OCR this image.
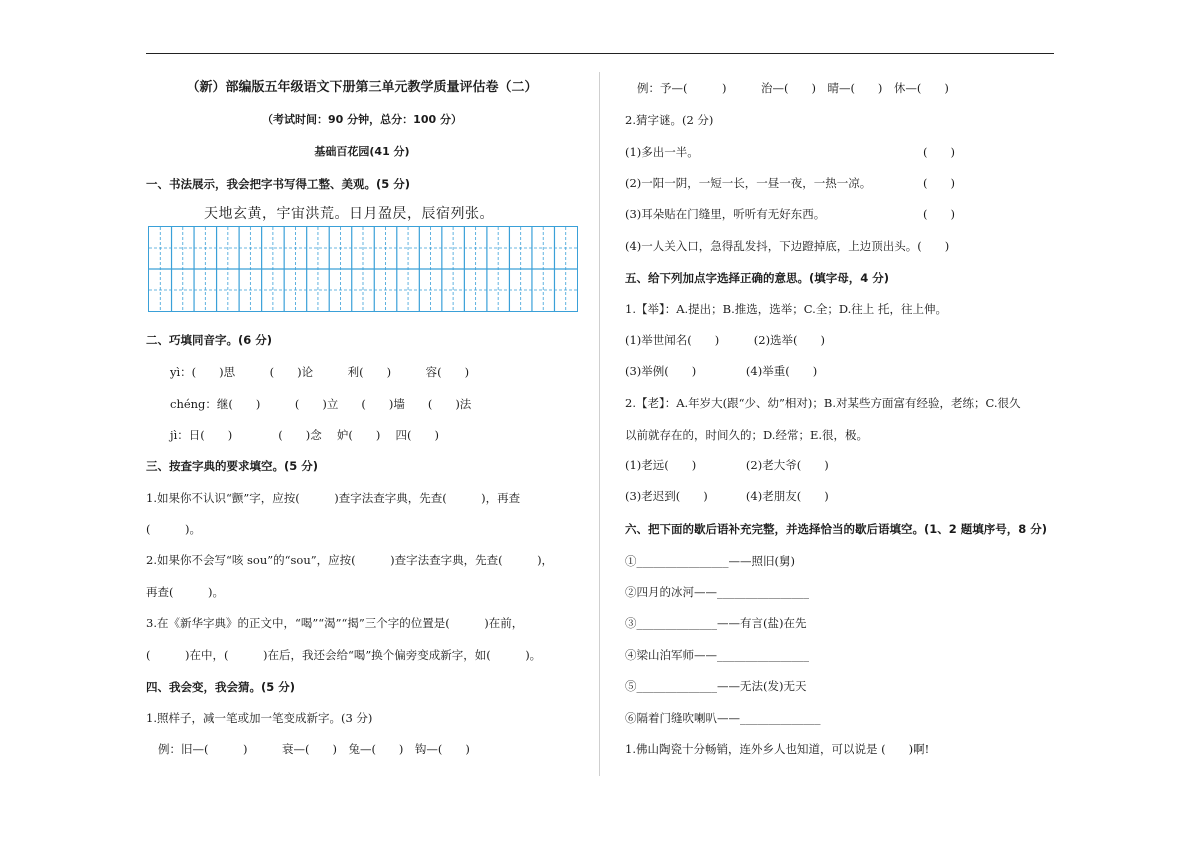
（新）部编版五年级语文下册第三单元教学质量评估卷（二）
（考试时间：90 分钟，总分：100 分）
基础百花园(41 分)
一、书法展示，我会把字书写得工整、美观。(5 分)
天地玄黄，宇宙洪荒。日月盈昃，辰宿列张。
二、巧填同音字。(6 分)
yì：(　　)思　　　(　　)论　　　利(　　)　　　容(　　)
chéng：继(　　)　　　(　　)立　　(　　)墙　　(　　)法
jì：日(　　)　　　　(　　)念　 妒(　　)　 四(　　)
三、按查字典的要求填空。(5 分)
1.如果你不认识“颤”字，应按(　　　)查字法查字典，先查(　　　)，再查
(　　　)。
2.如果你不会写“咳 sou”的“sou”，应按(　　　)查字法查字典，先查(　　　)，
再查(　　　)。
3.在《新华字典》的正文中，“喝”“渴”“揭”三个字的位置是(　　　)在前，
(　　　)在中，(　　　)在后，我还会给“喝”换个偏旁变成新字，如(　　　)。
四、我会变，我会猜。(5 分)
1.照样子，减一笔或加一笔变成新字。(3 分)
例：旧—(　　　)　　　衰—(　　)　兔—(　　)　钩—(　　)
例：予—(　　　)　　　治—(　　)　晴—(　　)　休—(　　)
2.猜字谜。(2 分)
(1)多出一半。	(　　)
(2)一阳一阴，一短一长，一昼一夜，一热一凉。	(　　)
(3)耳朵贴在门缝里，听听有无好东西。	(　　)
(4)一人关入口，急得乱发抖，下边蹬掉底，上边顶出头。(　　)
五、给下列加点字选择正确的意思。(填字母，4 分)
1.【举】：A.提出；B.推选，选举；C.全；D.往上 托，往上伸。
(1)举世闻名(　　)　　　(2)选举(　　)
(3)举例(　　)　　　　 (4)举重(　　)
2.【老】：A.年岁大(跟“少、幼”相对)；B.对某些方面富有经验，老练；C.很久
以前就存在的，时间久的；D.经常；E.很，极。
(1)老远(　　)　　　　 (2)老大爷(　　)
(3)老迟到(　　)　　　 (4)老朋友(　　)
六、把下面的歇后语补充完整，并选择恰当的歇后语填空。(1、2 题填序号，8 分)
①________________——照旧(舅)
②四月的冰河——________________
③______________——有言(盐)在先
④梁山泊军师——________________
⑤______________——无法(发)无天
⑥隔着门缝吹喇叭——______________
1.佛山陶瓷十分畅销，连外乡人也知道，可以说是 (　　)啊!
